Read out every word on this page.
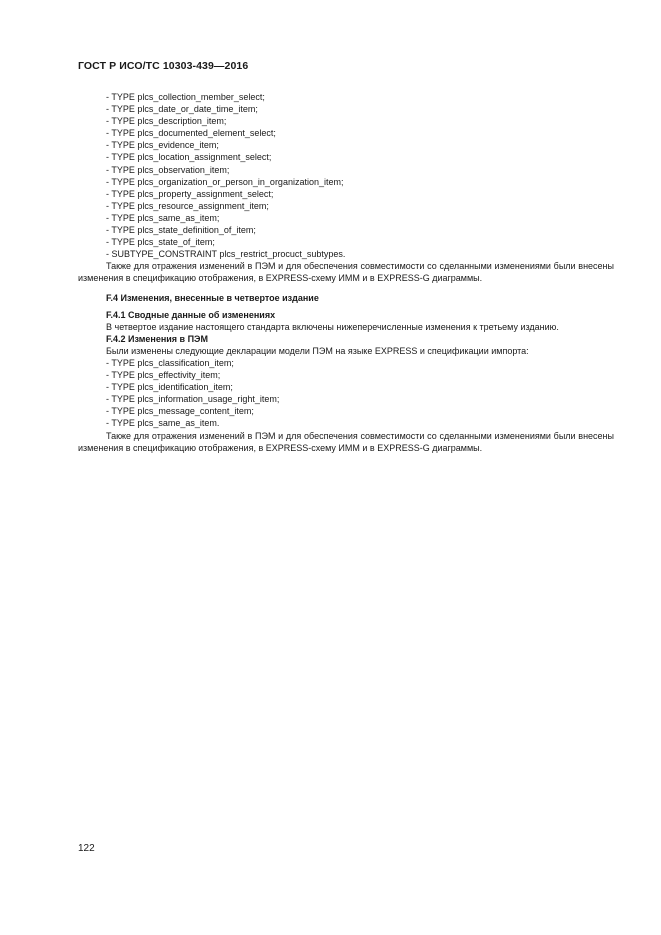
ГОСТ Р ИСО/ТС 10303-439—2016
- TYPE plcs_collection_member_select;
- TYPE plcs_date_or_date_time_item;
- TYPE plcs_description_item;
- TYPE plcs_documented_element_select;
- TYPE plcs_evidence_item;
- TYPE plcs_location_assignment_select;
- TYPE plcs_observation_item;
- TYPE plcs_organization_or_person_in_organization_item;
- TYPE plcs_property_assignment_select;
- TYPE plcs_resource_assignment_item;
- TYPE plcs_same_as_item;
- TYPE plcs_state_definition_of_item;
- TYPE plcs_state_of_item;
- SUBTYPE_CONSTRAINT plcs_restrict_procuct_subtypes.
Также для отражения изменений в ПЭМ и для обеспечения совместимости со сделанными изменениями были внесены изменения в спецификацию отображения, в EXPRESS-схему ИММ и в EXPRESS-G диаграммы.
F.4 Изменения, внесенные в четвертое издание
F.4.1 Сводные данные об изменениях
В четвертое издание настоящего стандарта включены нижеперечисленные изменения к третьему изданию.
F.4.2 Изменения в ПЭМ
Были изменены следующие декларации модели ПЭМ на языке EXPRESS и спецификации импорта:
- TYPE plcs_classification_item;
- TYPE plcs_effectivity_item;
- TYPE plcs_identification_item;
- TYPE plcs_information_usage_right_item;
- TYPE plcs_message_content_item;
- TYPE plcs_same_as_item.
Также для отражения изменений в ПЭМ и для обеспечения совместимости со сделанными изменениями были внесены изменения в спецификацию отображения, в EXPRESS-схему ИММ и в EXPRESS-G диаграммы.
122
